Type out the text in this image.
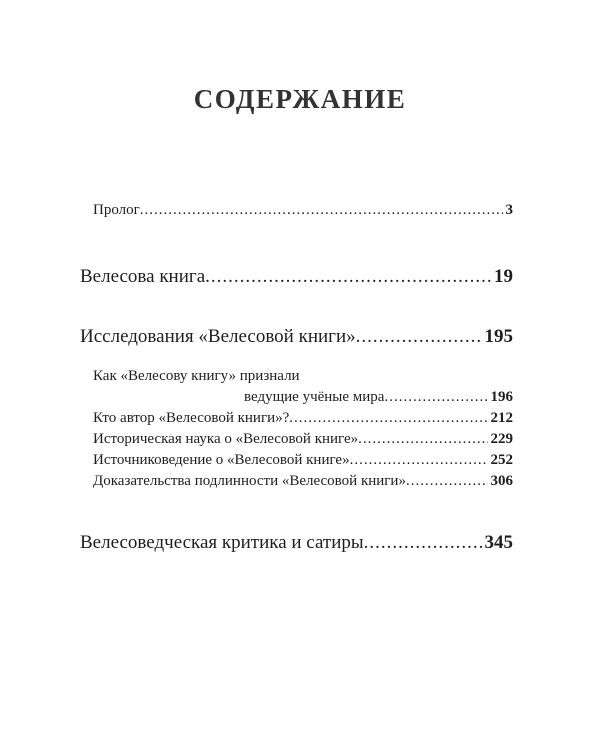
СОДЕРЖАНИЕ
Пролог .....	3
Велесова книга .....	19
Исследования «Велесовой книги» .....	195
Как «Велесову книгу» признали
ведущие учёные мира .....	196
Кто автор «Велесовой книги»? .....	212
Историческая наука о «Велесовой книге» .....	229
Источниковедение о «Велесовой книге» .....	252
Доказательства подлинности «Велесовой книги» .....	306
Велесоведческая критика и сатиры .....	345
